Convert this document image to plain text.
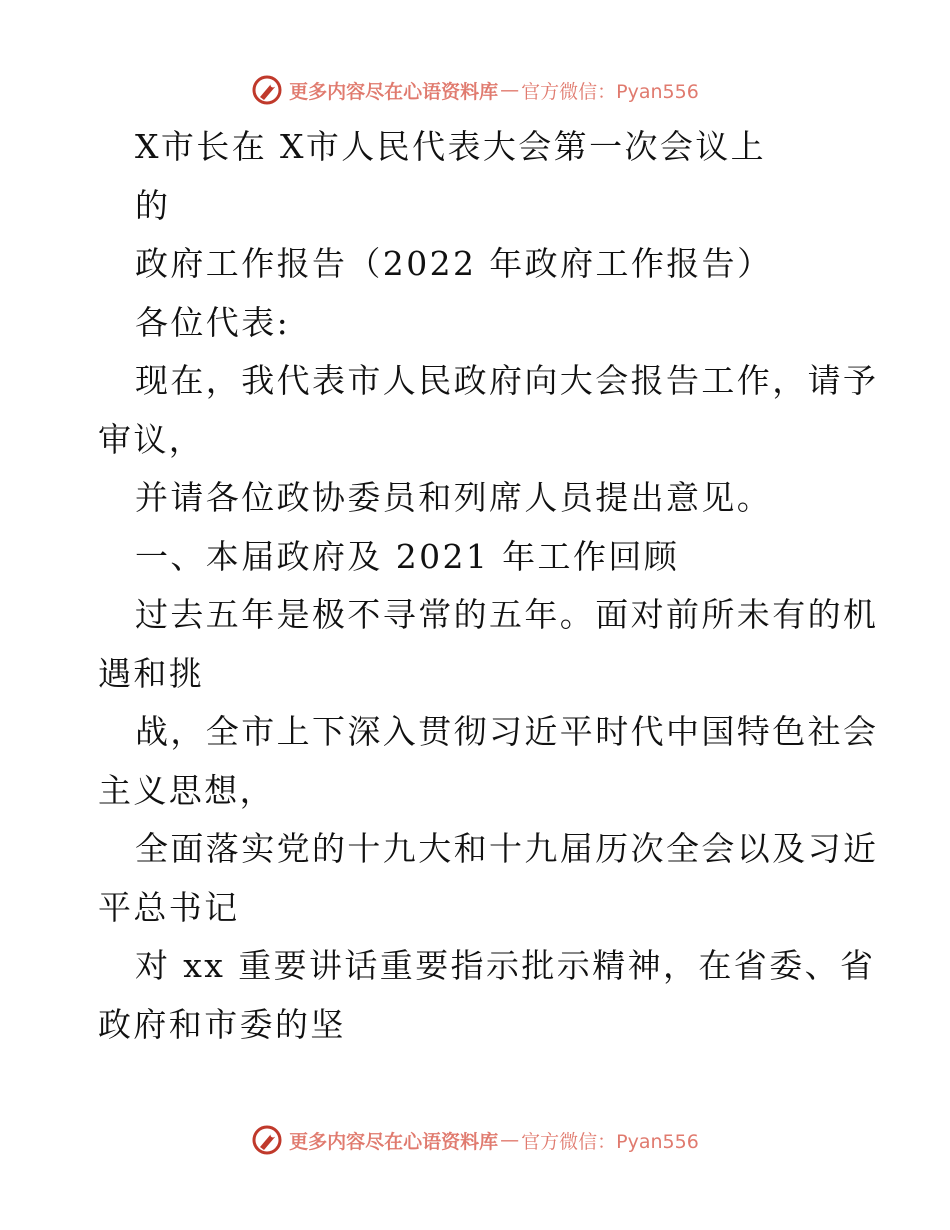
更多内容尽在心语资料库 — 官方微信：Pyan556

X市长在 X市人民代表大会第一次会议上
的

政府工作报告（2022 年政府工作报告）

各位代表:

现在，我代表市人民政府向大会报告工作，请予

审议，

并请各位政协委员和列席人员提出意见。

一、本届政府及 2021 年工作回顾

过去五年是极不寻常的五年。面对前所未有的机

遇和挑

战，全市上下深入贯彻习近平时代中国特色社会

主义思想，

全面落实党的十九大和十九届历次全会以及习近

平总书记

对 xx 重要讲话重要指示批示精神，在省委、省

政府和市委的坚

更多内容尽在心语资料库 — 官方微信：Pyan556
